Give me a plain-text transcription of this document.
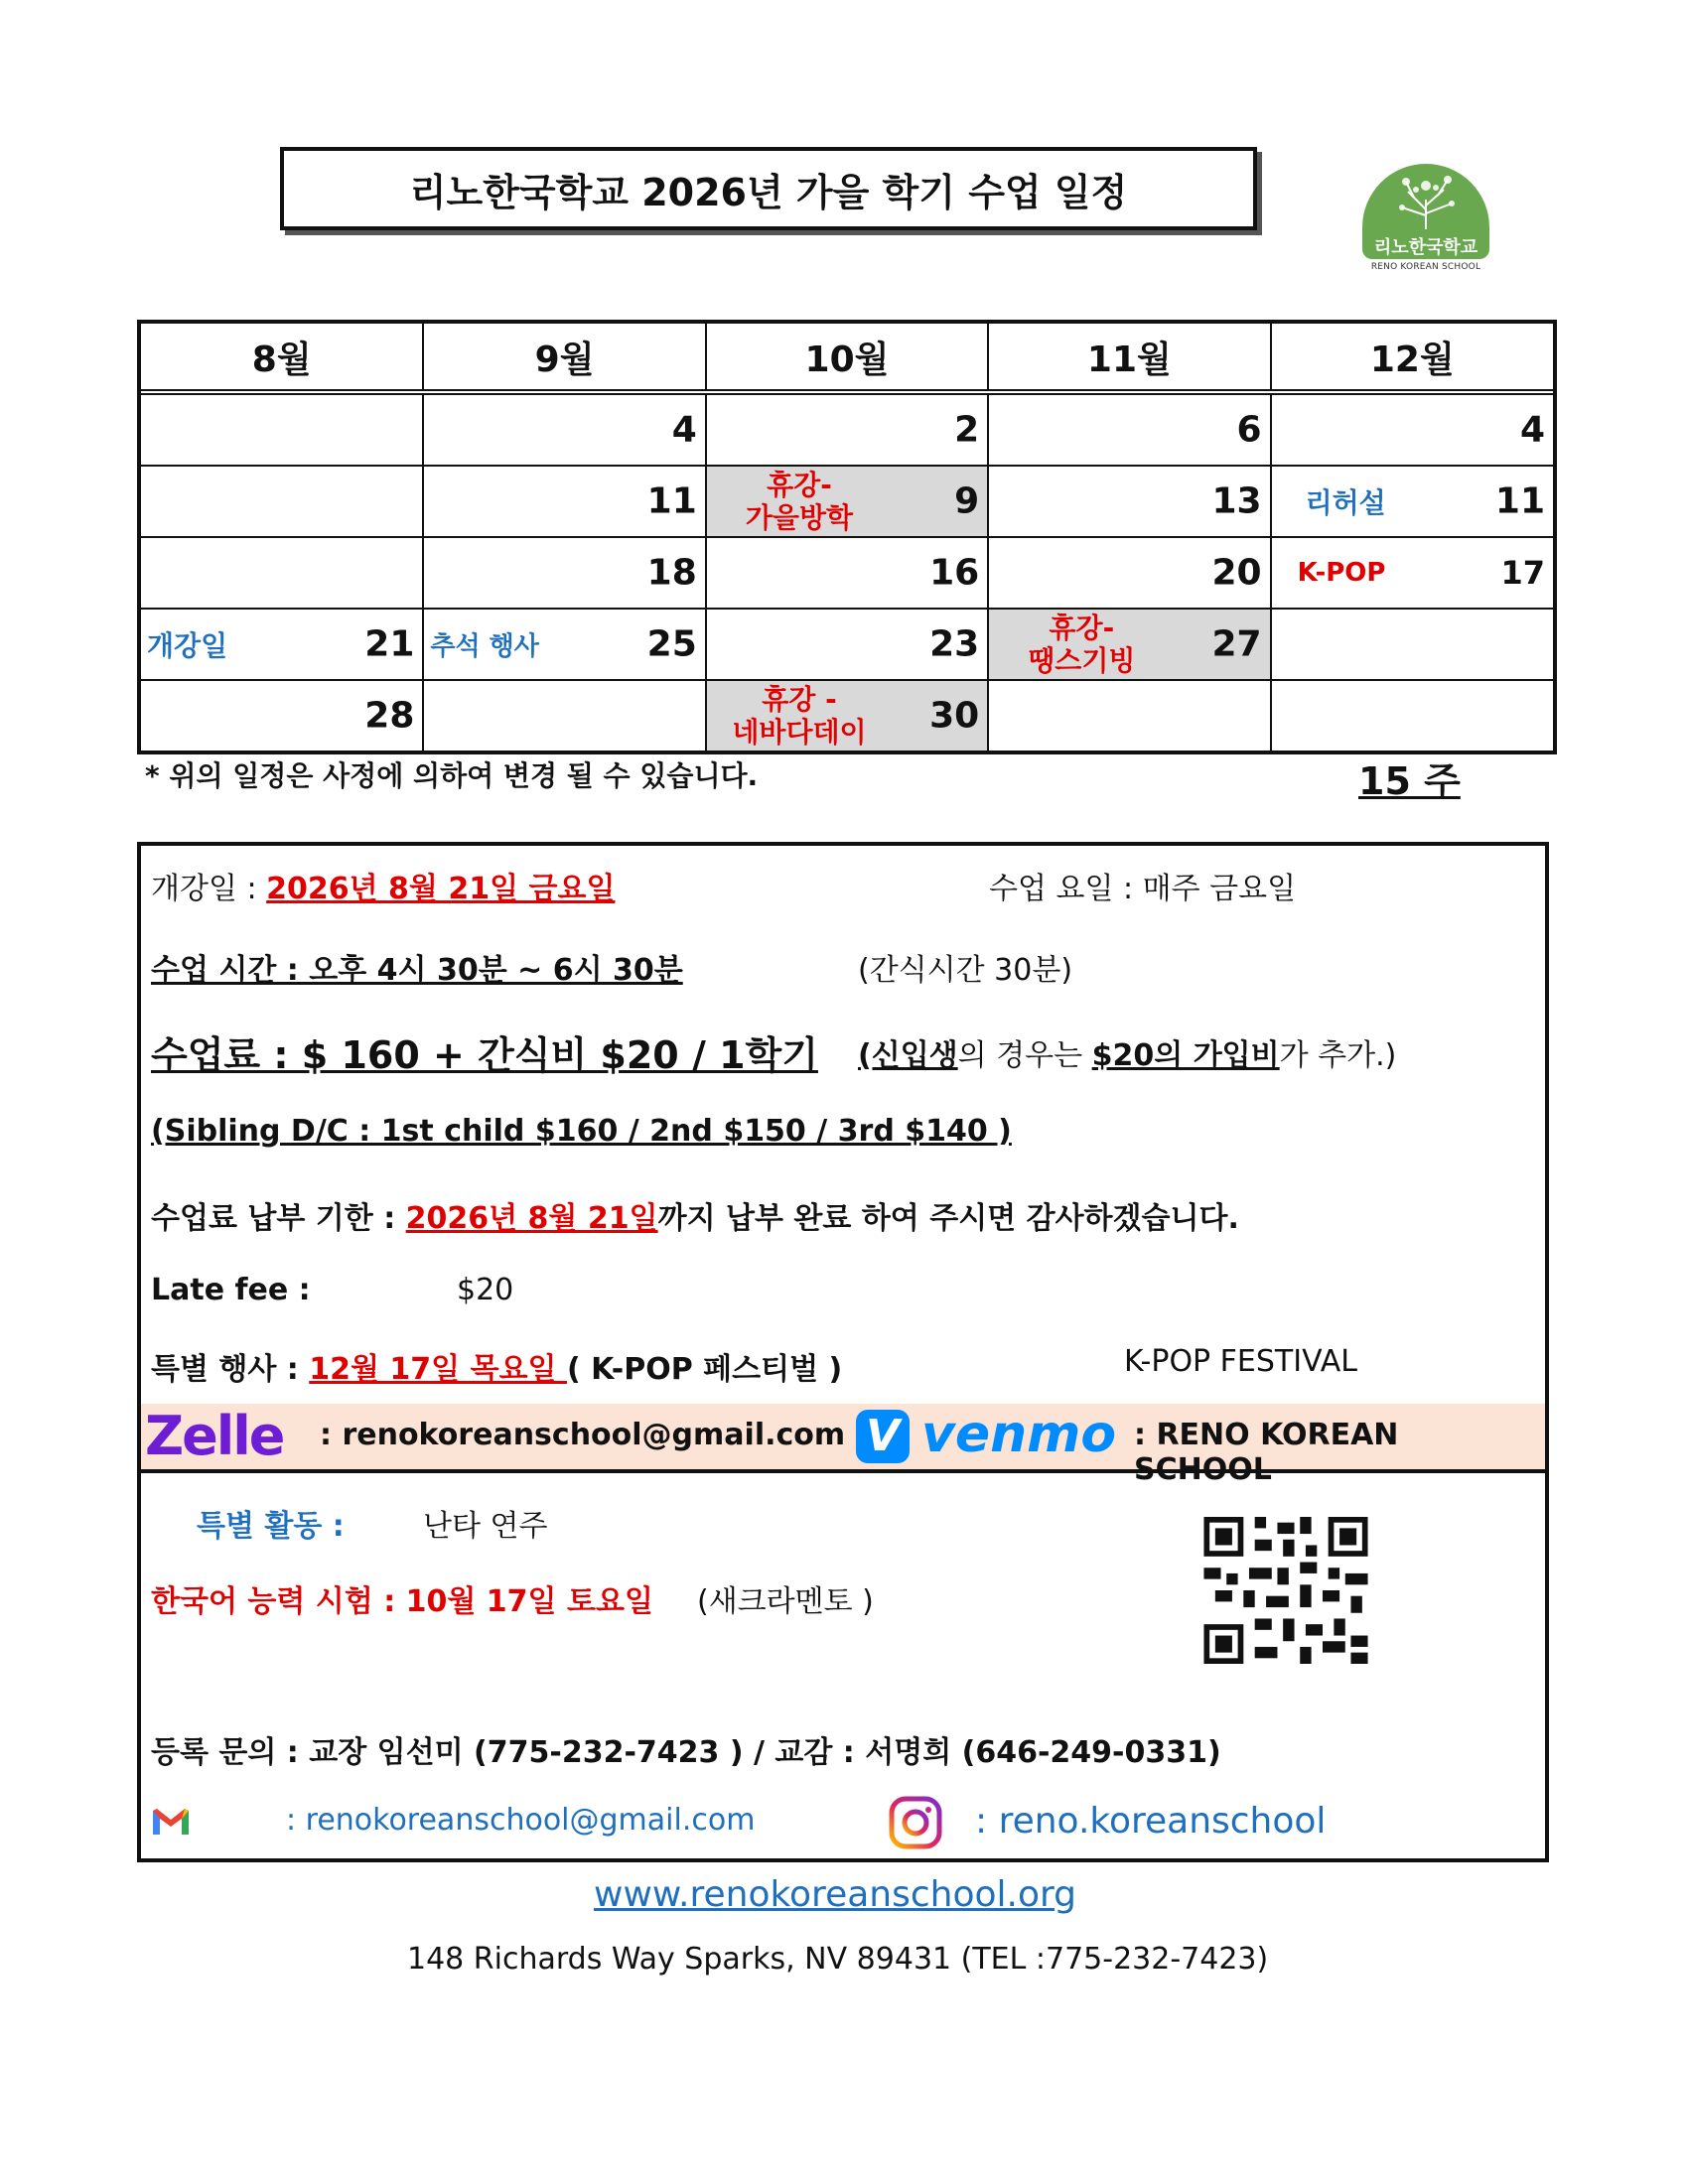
리노한국학교 2026년 가을 학기 수업 일정
리노한국학교
RENO KOREAN SCHOOL
8월	9월	10월	11월	12월

	4	2	6	4

	11	휴강-
가을방학 9	13	리허설 11

	18	16	20	K-POP 17

개강일 21	추석 행사 25	23	휴강-
땡스기빙 27	

28		휴강 -
네바다데이 30		

* 위의 일정은 사정에 의하여 변경 될 수 있습니다.	15 주
개강일 : 2026년 8월 21일 금요일	수업 요일 : 매주 금요일
수업 시간 : 오후 4시 30분 ~ 6시 30분	(간식시간 30분)
수업료 : $ 160 + 간식비 $20 / 1학기 (신입생의 경우는 $20의 가입비가 추가.)
(Sibling D/C : 1st child $160 / 2nd $150 / 3rd $140 )
수업료 납부 기한 : 2026년 8월 21일까지 납부 완료 하여 주시면 감사하겠습니다.
Late fee :	$20
특별 행사 : 12월 17일 목요일 ( K-POP 페스티벌 )	K-POP FESTIVAL
Zelle : renokoreanschool@gmail.com V venmo : RENO KOREAN SCHOOL
특별 활동 :	난타 연주
한국어 능력 시험 : 10월 17일 토요일 (새크라멘토 )
등록 문의 : 교장 임선미 (775-232-7423 ) / 교감 : 서명희 (646-249-0331)
: renokoreanschool@gmail.com	: reno.koreanschool
www.renokoreanschool.org
148 Richards Way Sparks, NV 89431 (TEL :775-232-7423)
